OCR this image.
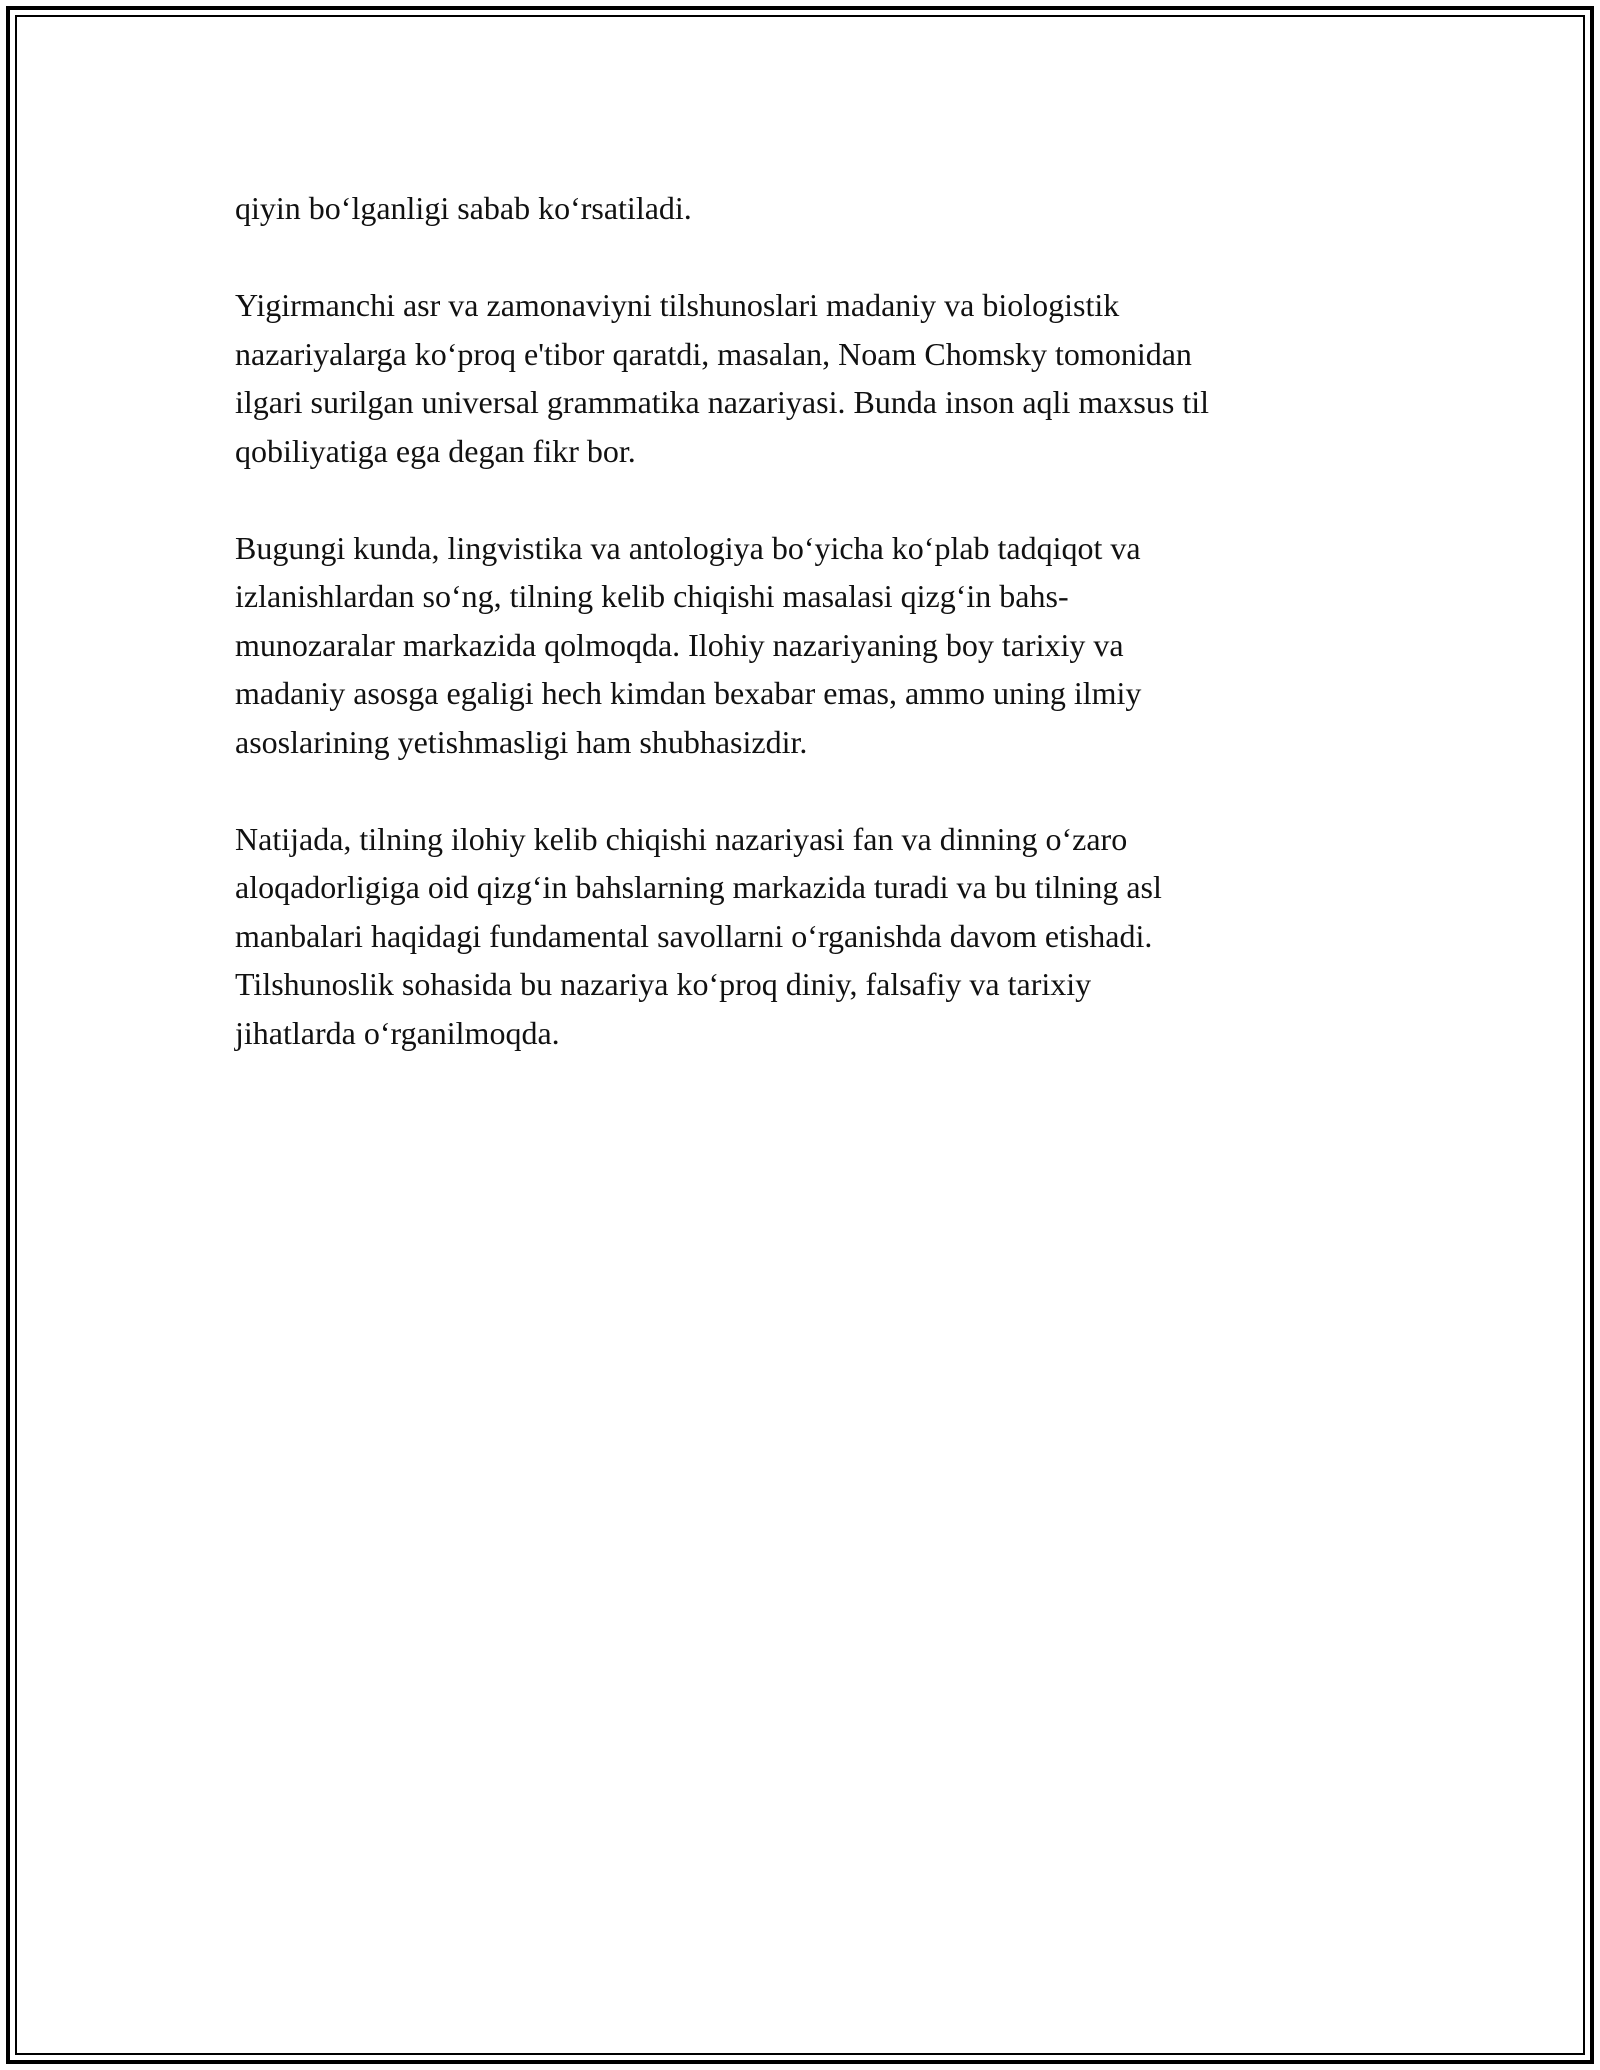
qiyin bo‘lganligi sabab ko‘rsatiladi.

Yigirmanchi asr va zamonaviyni tilshunoslari madaniy va biologistik
nazariyalarga ko‘proq e'tibor qaratdi, masalan, Noam Chomsky tomonidan
ilgari surilgan universal grammatika nazariyasi. Bunda inson aqli maxsus til
qobiliyatiga ega degan fikr bor.

Bugungi kunda, lingvistika va antologiya bo‘yicha ko‘plab tadqiqot va
izlanishlardan so‘ng, tilning kelib chiqishi masalasi qizg‘in bahs-
munozaralar markazida qolmoqda. Ilohiy nazariyaning boy tarixiy va
madaniy asosga egaligi hech kimdan bexabar emas, ammo uning ilmiy
asoslarining yetishmasligi ham shubhasizdir.

Natijada, tilning ilohiy kelib chiqishi nazariyasi fan va dinning o‘zaro
aloqadorligiga oid qizg‘in bahslarning markazida turadi va bu tilning asl
manbalari haqidagi fundamental savollarni o‘rganishda davom etishadi.
Tilshunoslik sohasida bu nazariya ko‘proq diniy, falsafiy va tarixiy
jihatlarda o‘rganilmoqda.
